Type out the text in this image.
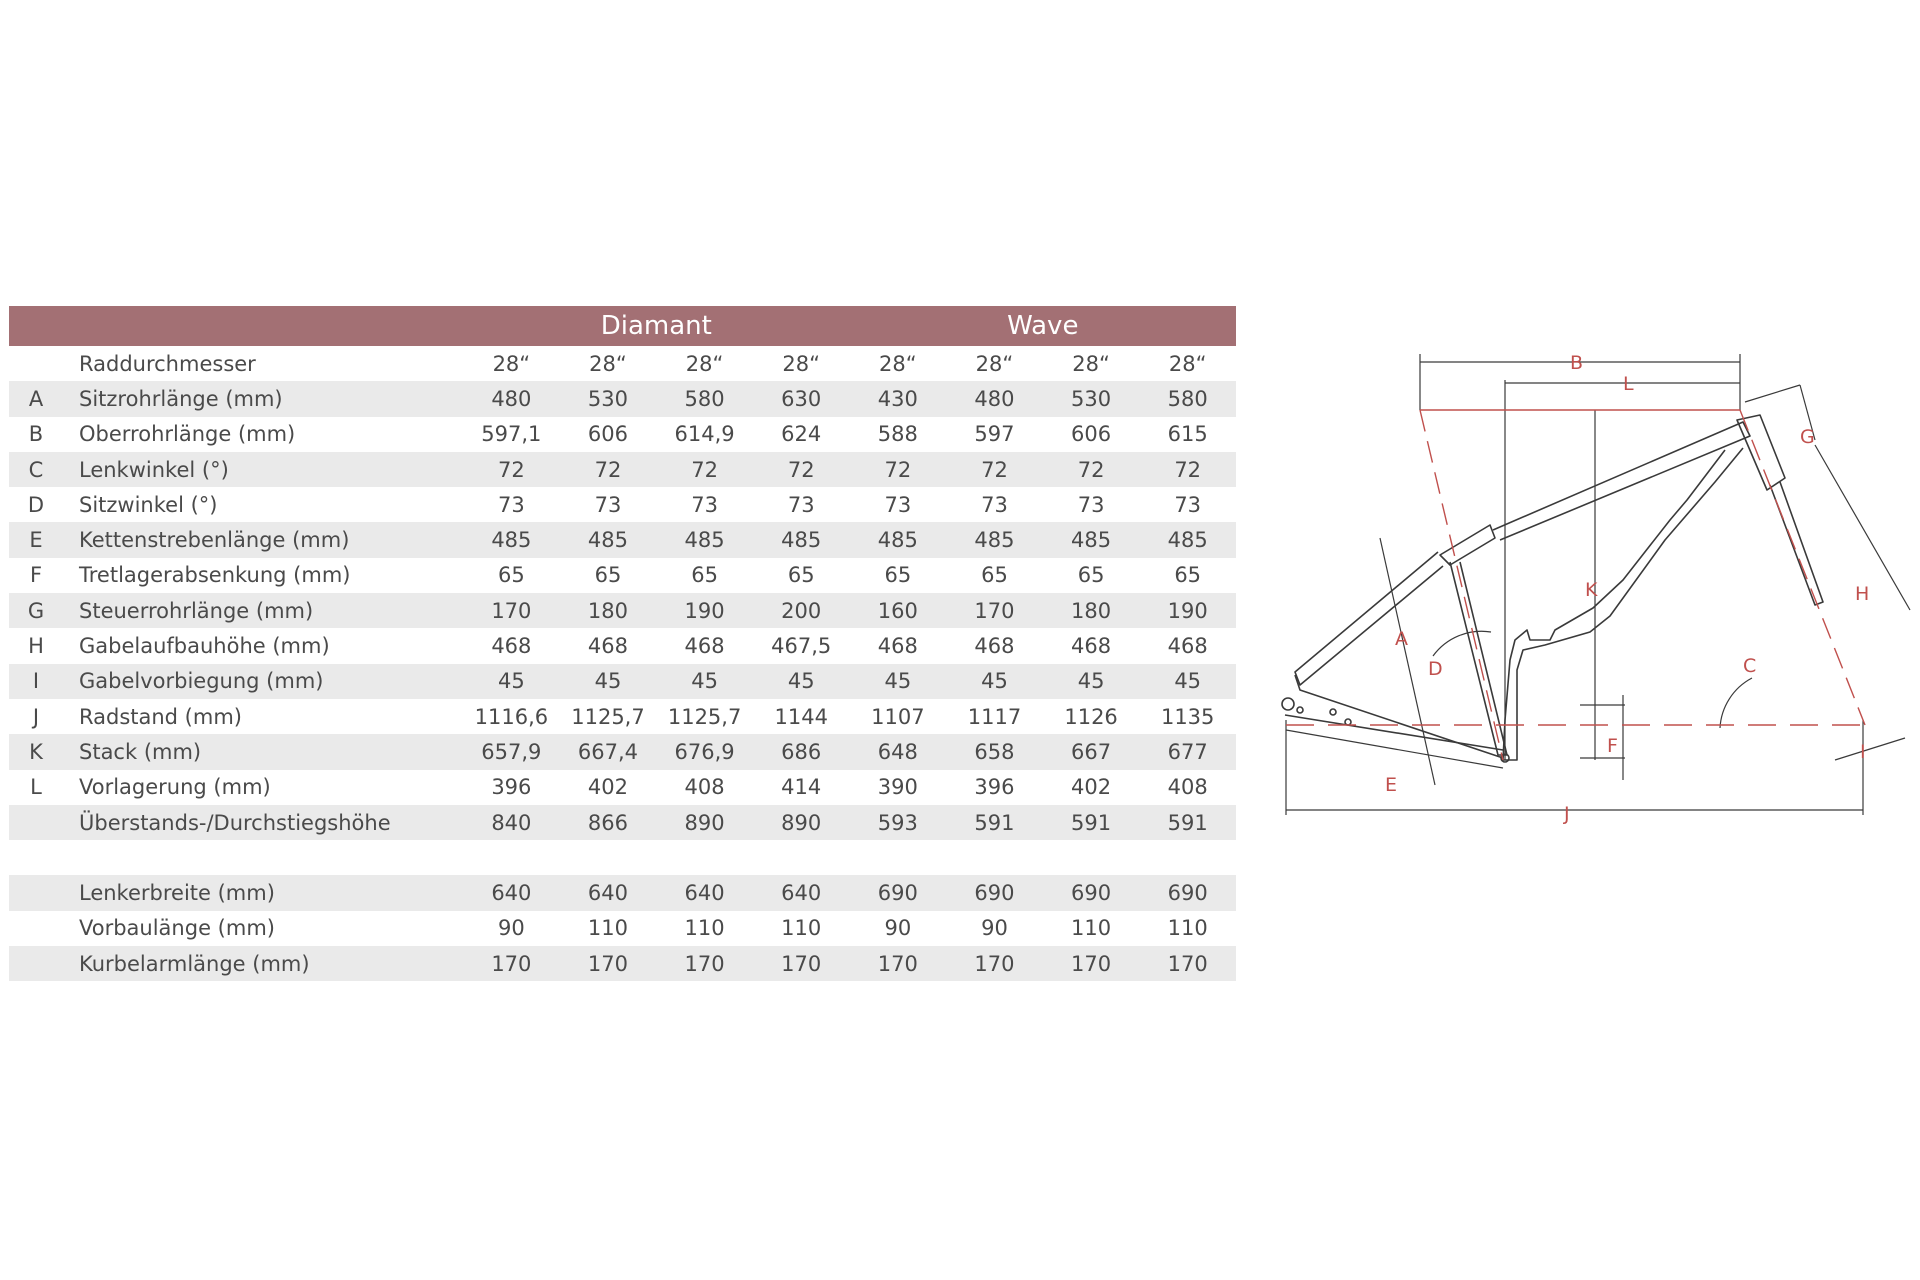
		Diamant				Wave			
	Raddurchmesser	28“	28“	28“	28“	28“	28“	28“	28“
A	Sitzrohrlänge (mm)	480	530	580	630	430	480	530	580
B	Oberrohrlänge (mm)	597,1	606	614,9	624	588	597	606	615
C	Lenkwinkel (°)	72	72	72	72	72	72	72	72
D	Sitzwinkel (°)	73	73	73	73	73	73	73	73
E	Kettenstrebenlänge (mm)	485	485	485	485	485	485	485	485
F	Tretlagerabsenkung (mm)	65	65	65	65	65	65	65	65
G	Steuerrohrlänge (mm)	170	180	190	200	160	170	180	190
H	Gabelaufbauhöhe (mm)	468	468	468	467,5	468	468	468	468
I	Gabelvorbiegung (mm)	45	45	45	45	45	45	45	45
J	Radstand (mm)	1116,6	1125,7	1125,7	1144	1107	1117	1126	1135
K	Stack (mm)	657,9	667,4	676,9	686	648	658	667	677
L	Vorlagerung (mm)	396	402	408	414	390	396	402	408
	Überstands-/Durchstiegshöhe	840	866	890	890	593	591	591	591

	Lenkerbreite (mm)	640	640	640	640	690	690	690	690
	Vorbaulänge (mm)	90	110	110	110	90	90	110	110
	Kurbelarmlänge (mm)	170	170	170	170	170	170	170	170
B
L
G
K	H
A
D	C
F	I
E
J
